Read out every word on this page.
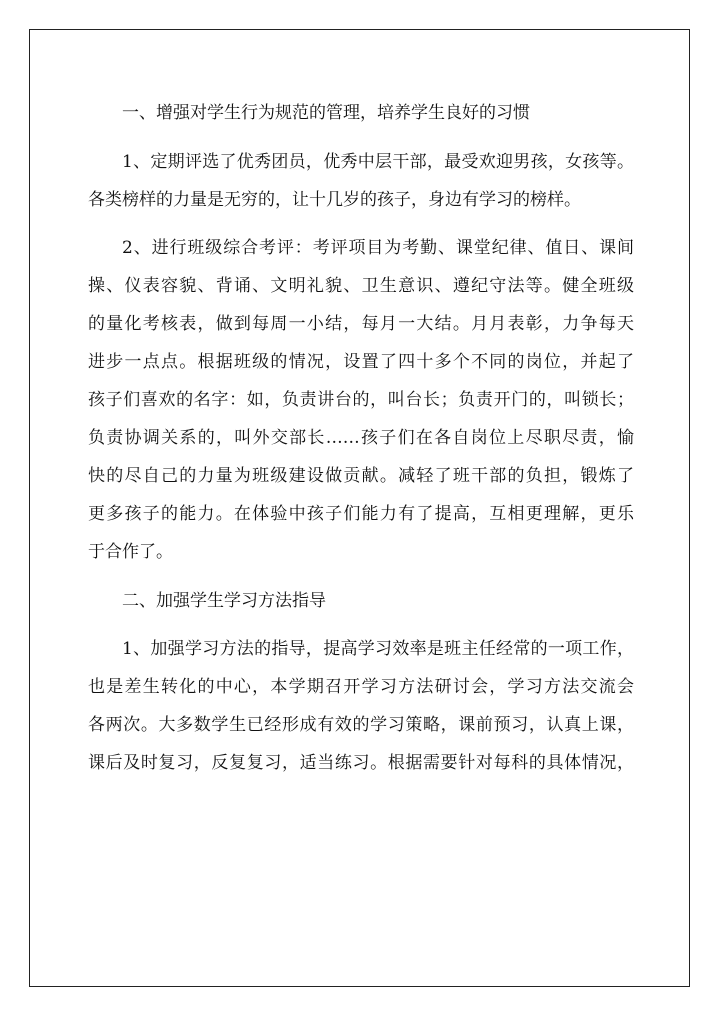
一、增强对学生行为规范的管理，培养学生良好的习惯
1、定期评选了优秀团员，优秀中层干部，最受欢迎男孩，女孩等。
各类榜样的力量是无穷的，让十几岁的孩子，身边有学习的榜样。
2、进行班级综合考评：考评项目为考勤、课堂纪律、值日、课间
操、仪表容貌、背诵、文明礼貌、卫生意识、遵纪守法等。健全班级
的量化考核表，做到每周一小结，每月一大结。月月表彰，力争每天
进步一点点。根据班级的情况，设置了四十多个不同的岗位，并起了
孩子们喜欢的名字：如，负责讲台的，叫台长；负责开门的，叫锁长；
负责协调关系的，叫外交部长……孩子们在各自岗位上尽职尽责，愉
快的尽自己的力量为班级建设做贡献。减轻了班干部的负担，锻炼了
更多孩子的能力。在体验中孩子们能力有了提高，互相更理解，更乐
于合作了。
二、加强学生学习方法指导
1、加强学习方法的指导，提高学习效率是班主任经常的一项工作，
也是差生转化的中心，本学期召开学习方法研讨会，学习方法交流会
各两次。大多数学生已经形成有效的学习策略，课前预习，认真上课，
课后及时复习，反复复习，适当练习。根据需要针对每科的具体情况，
